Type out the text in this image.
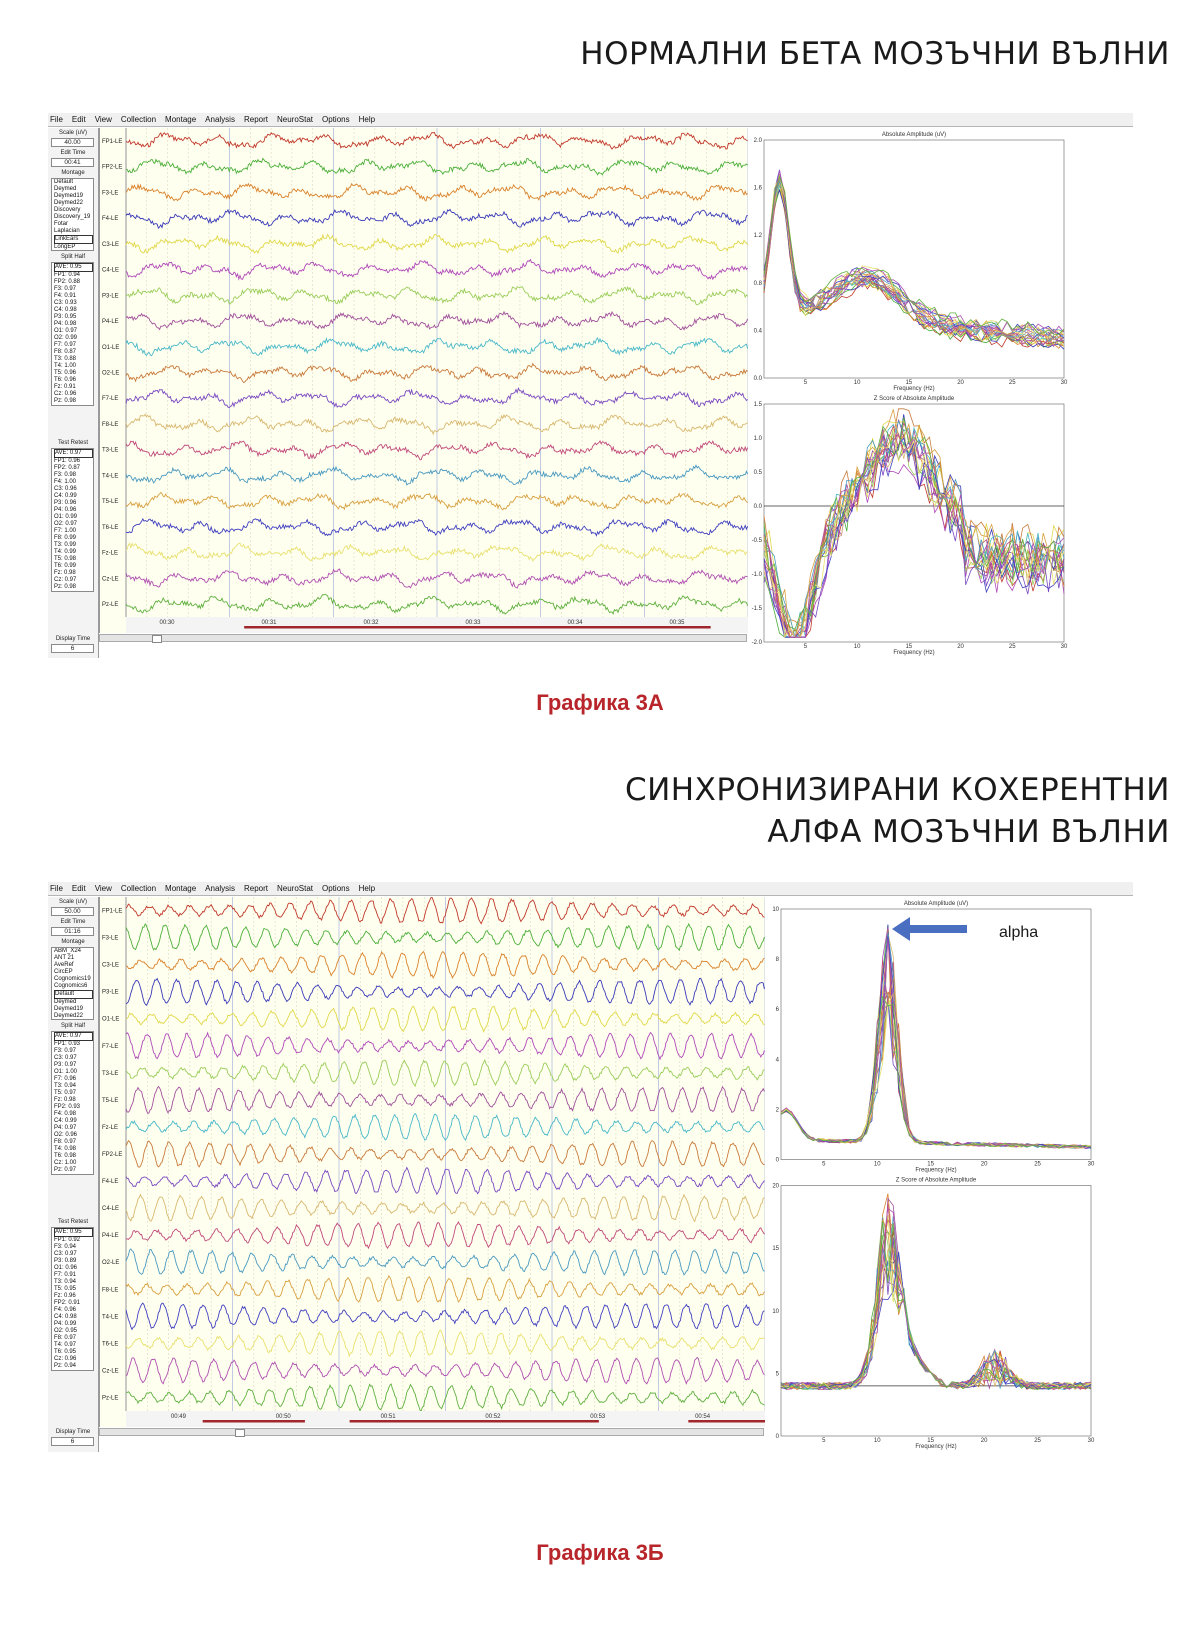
НОРМАЛНИ БЕТА МОЗЪЧНИ ВЪЛНИ
СИНХРОНИЗИРАНИ КОХЕРЕНТНИ
АЛФА МОЗЪЧНИ ВЪЛНИ
File Edit View Collection Montage Analysis Report NeuroStat Options Help
Scale (uV)
40.00
Edit Time
00:41
Montage
Default
Deymed
Deymed19
Deymed22
Discovery
Discovery_19
Fotar
Laplacian
LinkEars
LongEP
Split Half
AVE: 0.95
FP1: 0.94
FP2: 0.88
F3: 0.97
F4: 0.91
C3: 0.93
C4: 0.98
P3: 0.95
P4: 0.98
O1: 0.97
O2: 0.99
F7: 0.97
F8: 0.87
T3: 0.88
T4: 1.00
T5: 0.96
T6: 0.96
Fz: 0.91
Cz: 0.96
Pz: 0.98
Test Retest
AVE: 0.97
FP1: 0.96
FP2: 0.87
F3: 0.98
F4: 1.00
C3: 0.96
C4: 0.99
P3: 0.96
P4: 0.96
O1: 0.99
O2: 0.97
F7: 1.00
F8: 0.99
T3: 0.99
T4: 0.99
T5: 0.98
T6: 0.99
Fz: 0.98
Cz: 0.97
Pz: 0.98
Display Time
6
FP1-LE
FP2-LE
F3-LE
F4-LE
C3-LE
C4-LE
P3-LE
P4-LE
O1-LE
O2-LE
F7-LE
F8-LE
T3-LE
T4-LE
T5-LE
T6-LE
Fz-LE
Cz-LE
Pz-LE
00:30	00:31	00:32	00:33	00:34	00:35
Absolute Amplitude (uV)
2.0
1.6
1.2
0.8
0.4
0.0
5	10	15	20	25	30
Frequency (Hz)
Z Score of Absolute Amplitude
1.5
1.0
0.5
0.0
-0.5
-1.0
-1.5
-2.0
5	10	15	20	25	30
Frequency (Hz)
Графика 3А
File Edit View Collection Montage Analysis Report NeuroStat Options Help
Scale (uV)
50.00
Edit Time
01:16
Montage
ABM_X24
ANT 21
AveRef
CircEP
Cognomics19
Cognomics6
Default
Deymed
Deymed19
Deymed22
Split Half
AVE: 0.97
FP1: 0.93
F3: 0.97
C3: 0.97
P3: 0.97
O1: 1.00
F7: 0.96
T3: 0.94
T5: 0.97
Fz: 0.98
FP2: 0.93
F4: 0.98
C4: 0.99
P4: 0.97
O2: 0.96
F8: 0.97
T4: 0.98
T6: 0.98
Cz: 1.00
Pz: 0.97
Test Retest
AVE: 0.95
FP1: 0.92
F3: 0.94
C3: 0.97
P3: 0.89
O1: 0.96
F7: 0.91
T3: 0.94
T5: 0.95
Fz: 0.96
FP2: 0.91
F4: 0.96
C4: 0.98
P4: 0.99
O2: 0.95
F8: 0.97
T4: 0.97
T6: 0.95
Cz: 0.96
Pz: 0.94
Display Time
6
FP1-LE
F3-LE
C3-LE
P3-LE
O1-LE
F7-LE
T3-LE
T5-LE
Fz-LE
FP2-LE
F4-LE
C4-LE
P4-LE
O2-LE
F8-LE
T4-LE
T6-LE
Cz-LE
Pz-LE
00:49	00:50	00:51	00:52	00:53	00:54
Absolute Amplitude (uV)
10
8
6
4
2
0
5	10	15	20	25	30
Frequency (Hz)
Z Score of Absolute Amplitude
20
15
10
5
0
5	10	15	20	25	30
Frequency (Hz)
alpha
Графика 3Б
